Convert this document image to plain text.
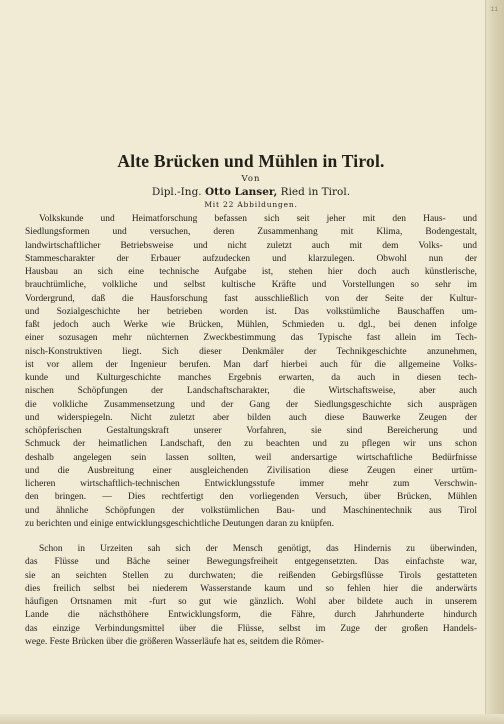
11
Alte Brücken und Mühlen in Tirol.
Von
Dipl.-Ing. Otto Lanser, Ried in Tirol.
Mit 22 Abbildungen.

Volkskunde und Heimatforschung befassen sich seit jeher mit den Haus- und
Siedlungsformen und versuchen, deren Zusammenhang mit Klima, Bodengestalt,
landwirtschaftlicher Betriebsweise und nicht zuletzt auch mit dem Volks- und
Stammescharakter der Erbauer aufzudecken und klarzulegen. Obwohl nun der
Hausbau an sich eine technische Aufgabe ist, stehen hier doch auch künstlerische,
brauchtümliche, volkliche und selbst kultische Kräfte und Vorstellungen so sehr im
Vordergrund, daß die Hausforschung fast ausschließlich von der Seite der Kultur-
und Sozialgeschichte her betrieben worden ist. Das volkstümliche Bauschaffen um-
faßt jedoch auch Werke wie Brücken, Mühlen, Schmieden u. dgl., bei denen infolge
einer sozusagen mehr nüchternen Zweckbestimmung das Typische fast allein im Tech-
nisch-Konstruktiven liegt. Sich dieser Denkmäler der Technikgeschichte anzunehmen,
ist vor allem der Ingenieur berufen. Man darf hierbei auch für die allgemeine Volks-
kunde und Kulturgeschichte manches Ergebnis erwarten, da auch in diesen tech-
nischen Schöpfungen der Landschaftscharakter, die Wirtschaftsweise, aber auch
die volkliche Zusammensetzung und der Gang der Siedlungsgeschichte sich ausprägen
und widerspiegeln. Nicht zuletzt aber bilden auch diese Bauwerke Zeugen der
schöpferischen Gestaltungskraft unserer Vorfahren, sie sind Bereicherung und
Schmuck der heimatlichen Landschaft, den zu beachten und zu pflegen wir uns schon
deshalb angelegen sein lassen sollten, weil andersartige wirtschaftliche Bedürfnisse
und die Ausbreitung einer ausgleichenden Zivilisation diese Zeugen einer urtüm-
licheren wirtschaftlich-technischen Entwicklungsstufe immer mehr zum Verschwin-
den bringen. — Dies rechtfertigt den vorliegenden Versuch, über Brücken, Mühlen
und ähnliche Schöpfungen der volkstümlichen Bau- und Maschinentechnik aus Tirol
zu berichten und einige entwicklungsgeschichtliche Deutungen daran zu knüpfen.

Schon in Urzeiten sah sich der Mensch genötigt, das Hindernis zu überwinden,
das Flüsse und Bäche seiner Bewegungsfreiheit entgegensetzten. Das einfachste war,
sie an seichten Stellen zu durchwaten; die reißenden Gebirgsflüsse Tirols gestatteten
dies freilich selbst bei niederem Wasserstande kaum und so fehlen hier die anderwärts
häufigen Ortsnamen mit -furt so gut wie gänzlich. Wohl aber bildete auch in unserem
Lande die nächsthöhere Entwicklungsform, die Fähre, durch Jahrhunderte hindurch
das einzige Verbindungsmittel über die Flüsse, selbst im Zuge der großen Handels-
wege. Feste Brücken über die größeren Wasserläufe hat es, seitdem die Römer-
